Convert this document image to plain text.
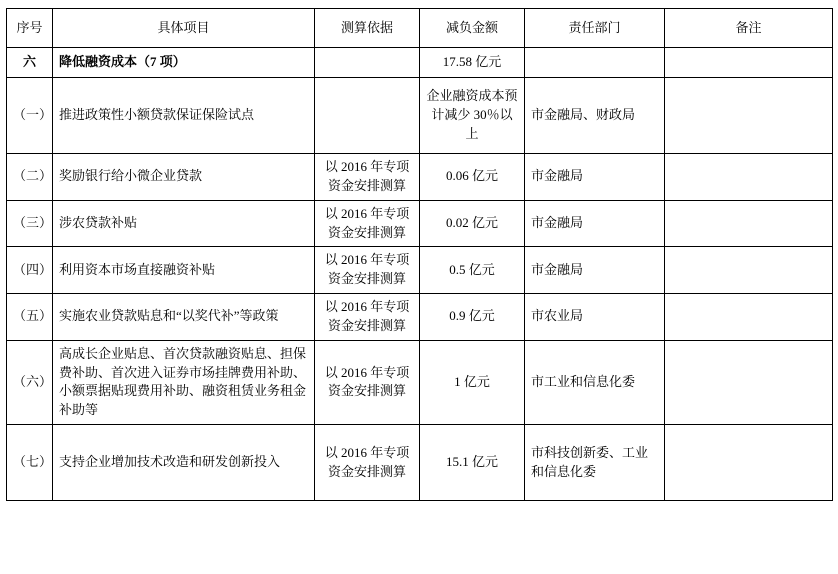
序号	具体项目	测算依据	减负金额	责任部门	备注
六	降低融资成本（7 项）		17.58 亿元		
（一）	推进政策性小额贷款保证保险试点		企业融资成本预计减少 30％以上	市金融局、财政局	
（二）	奖励银行给小微企业贷款	以 2016 年专项资金安排测算	0.06 亿元	市金融局	
（三）	涉农贷款补贴	以 2016 年专项资金安排测算	0.02 亿元	市金融局	
（四）	利用资本市场直接融资补贴	以 2016 年专项资金安排测算	0.5 亿元	市金融局	
（五）	实施农业贷款贴息和“以奖代补”等政策	以 2016 年专项资金安排测算	0.9 亿元	市农业局	
（六）	高成长企业贴息、首次贷款融资贴息、担保费补助、首次进入证券市场挂牌费用补助、小额票据贴现费用补助、融资租赁业务租金补助等	以 2016 年专项资金安排测算	1 亿元	市工业和信息化委	
（七）	支持企业增加技术改造和研发创新投入	以 2016 年专项资金安排测算	15.1 亿元	市科技创新委、工业和信息化委	
